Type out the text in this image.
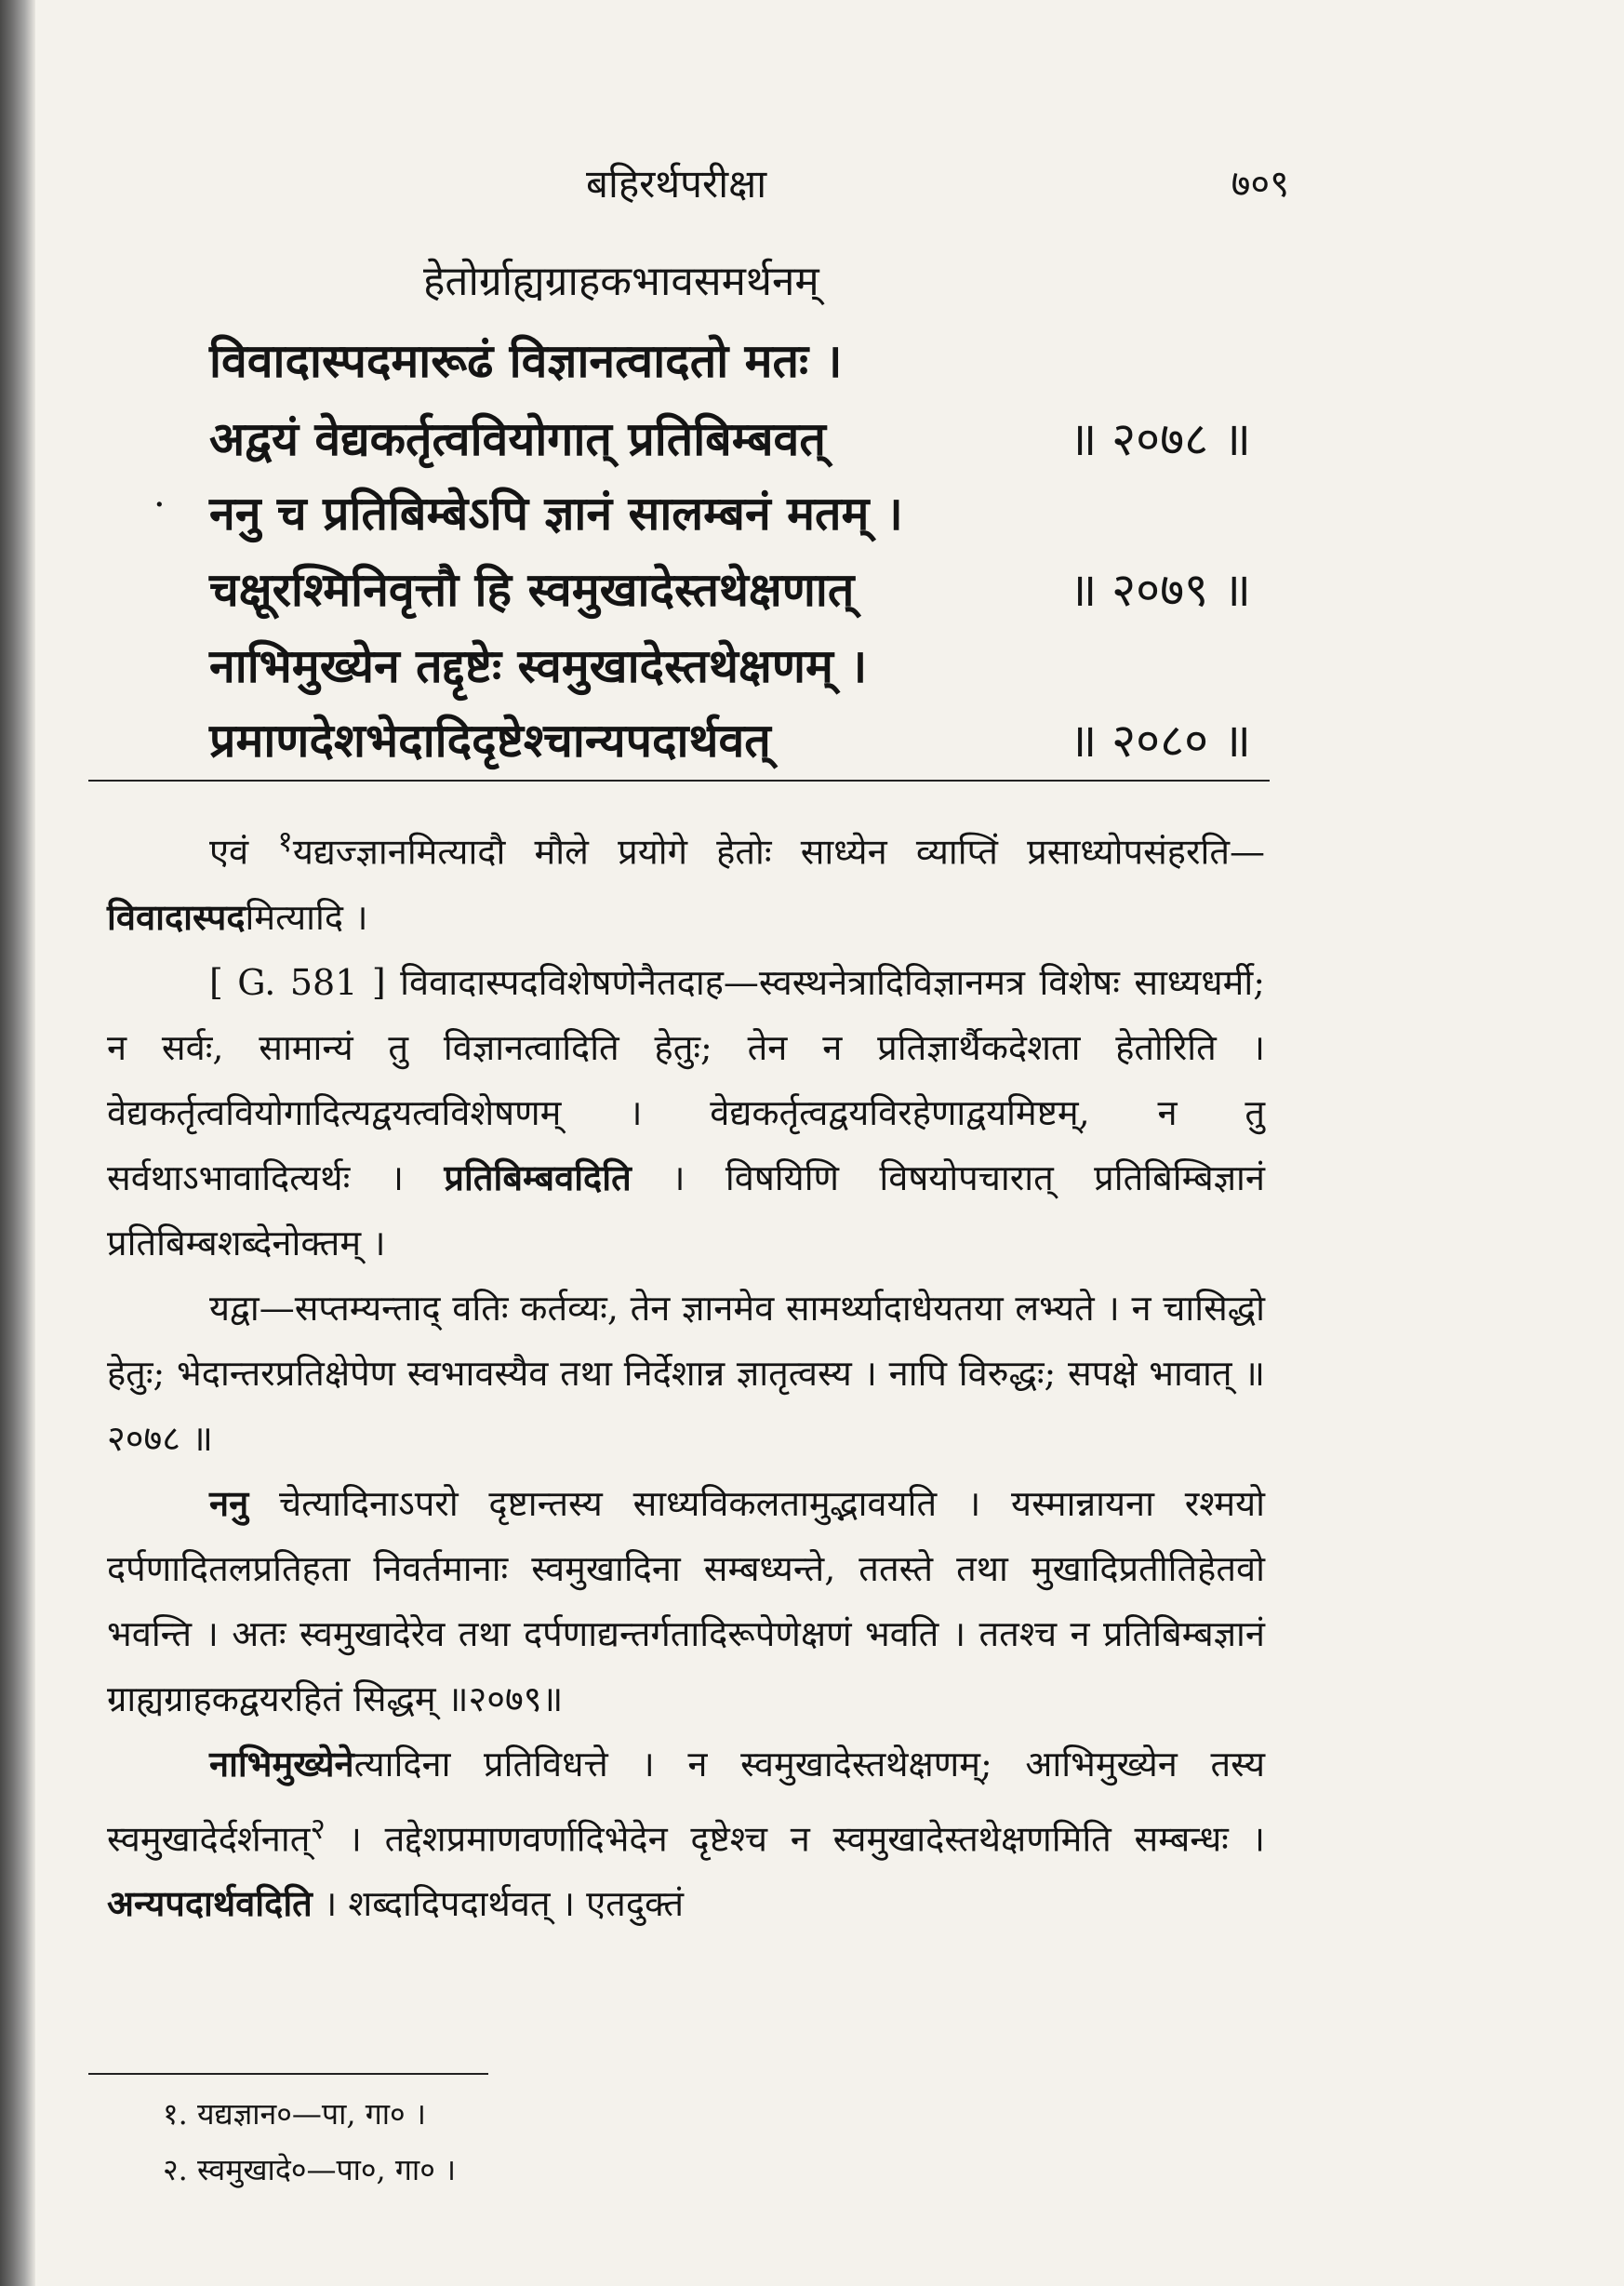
बहिरर्थपरीक्षा	७०९
हेतोर्ग्राह्यग्राहकभावसमर्थनम्
·
विवादास्पदमारूढं विज्ञानत्वादतो मतः ।
अद्वयं वेद्यकर्तृत्ववियोगात् प्रतिबिम्बवत्	॥ २०७८ ॥
ननु च प्रतिबिम्बेऽपि ज्ञानं सालम्बनं मतम् ।
चक्षूरश्मिनिवृत्तौ हि स्वमुखादेस्तथेक्षणात्	॥ २०७९ ॥
नाभिमुख्येन तद्दृष्टेः स्वमुखादेस्तथेक्षणम् ।
प्रमाणदेशभेदादिदृष्टेश्चान्यपदार्थवत्	॥ २०८० ॥

एवं $^१$यद्यज्ज्ञानमित्यादौ मौले प्रयोगे हेतोः साध्येन व्याप्तिं प्रसाध्योपसंहरति—विवादास्पदमित्यादि ।

[ G. 581 ] विवादास्पदविशेषणेनैतदाह—स्वस्थनेत्रादिविज्ञानमत्र विशेषः साध्यधर्मी; न सर्वः, सामान्यं तु विज्ञानत्वादिति हेतुः; तेन न प्रतिज्ञार्थैकदेशता हेतोरिति । वेद्यकर्तृत्ववियोगादित्यद्वयत्वविशेषणम् । वेद्यकर्तृत्वद्वयविरहेणाद्वयमिष्टम्, न तु सर्वथाऽभावादित्यर्थः । प्रतिबिम्बवदिति । विषयिणि विषयोपचारात् प्रतिबिम्बिज्ञानं प्रतिबिम्बशब्देनोक्तम् ।

यद्वा—सप्तम्यन्ताद् वतिः कर्तव्यः, तेन ज्ञानमेव सामर्थ्यादाधेयतया लभ्यते । न चासिद्धो हेतुः; भेदान्तरप्रतिक्षेपेण स्वभावस्यैव तथा निर्देशान्न ज्ञातृत्वस्य । नापि विरुद्धः; सपक्षे भावात् ॥ २०७८ ॥

ननु चेत्यादिनाऽपरो दृष्टान्तस्य साध्यविकलतामुद्भावयति । यस्मान्नायना रश्मयो दर्पणादितलप्रतिहता निवर्तमानाः स्वमुखादिना सम्बध्यन्ते, ततस्ते तथा मुखादिप्रतीतिहेतवो भवन्ति । अतः स्वमुखादेरेव तथा दर्पणाद्यन्तर्गतादिरूपेणेक्षणं भवति । ततश्च न प्रतिबिम्बज्ञानं ग्राह्यग्राहकद्वयरहितं सिद्धम् ॥२०७९॥

नाभिमुख्येनेत्यादिना प्रतिविधत्ते । न स्वमुखादेस्तथेक्षणम्; आभिमुख्येन तस्य स्वमुखादेर्दर्शनात्$^२$ । तद्देशप्रमाणवर्णादिभेदेन दृष्टेश्च न स्वमुखादेस्तथेक्षणमिति सम्बन्धः । अन्यपदार्थवदिति । शब्दादिपदार्थवत् । एतदुक्तं

१. यद्यज्ञान०—पा, गा० ।
२. स्वमुखादे०—पा०, गा० ।
